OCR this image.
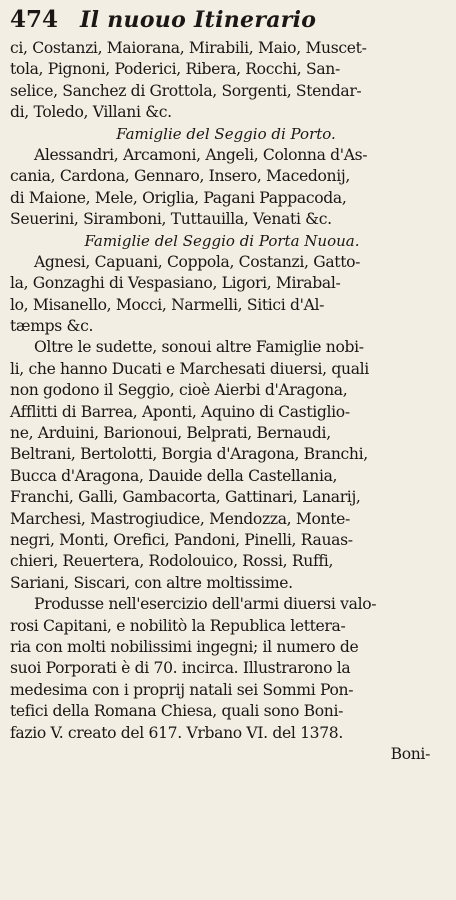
474 Il nuouo Itinerario
ci, Costanzi, Maiorana, Mirabili, Maio, Muscet-
tola, Pignoni, Poderici, Ribera, Rocchi, San-
selice, Sanchez di Grottola, Sorgenti, Stendar-
di, Toledo, Villani &c.
Famiglie del Seggio di Porto.
Alessandri, Arcamoni, Angeli, Colonna d'As-
cania, Cardona, Gennaro, Insero, Macedonij,
di Maione, Mele, Origlia, Pagani Pappacoda,
Seuerini, Siramboni, Tuttauilla, Venati &c.
Famiglie del Seggio di Porta Nuoua.
Agnesi, Capuani, Coppola, Costanzi, Gatto-
la, Gonzaghi di Vespasiano, Ligori, Mirabal-
lo, Misanello, Mocci, Narmelli, Sitici d'Al-
tæmps &c.
Oltre le sudette, sonoui altre Famiglie nobi-
li, che hanno Ducati e Marchesati diuersi, quali
non godono il Seggio, cioè Aierbi d'Aragona,
Afflitti di Barrea, Aponti, Aquino di Castiglio-
ne, Arduini, Barionoui, Belprati, Bernaudi,
Beltrani, Bertolotti, Borgia d'Aragona, Branchi,
Bucca d'Aragona, Dauide della Castellania,
Franchi, Galli, Gambacorta, Gattinari, Lanarij,
Marchesi, Mastrogiudice, Mendozza, Monte-
negri, Monti, Orefici, Pandoni, Pinelli, Rauas-
chieri, Reuertera, Rodolouico, Rossi, Ruffi,
Sariani, Siscari, con altre moltissime.
Produsse nell'esercizio dell'armi diuersi valo-
rosi Capitani, e nobilitò la Republica lettera-
ria con molti nobilissimi ingegni; il numero de
suoi Porporati è di 70. incirca. Illustrarono la
medesima con i proprij natali sei Sommi Pon-
tefici della Romana Chiesa, quali sono Boni-
fazio V. creato del 617. Vrbano VI. del 1378.
Boni-
